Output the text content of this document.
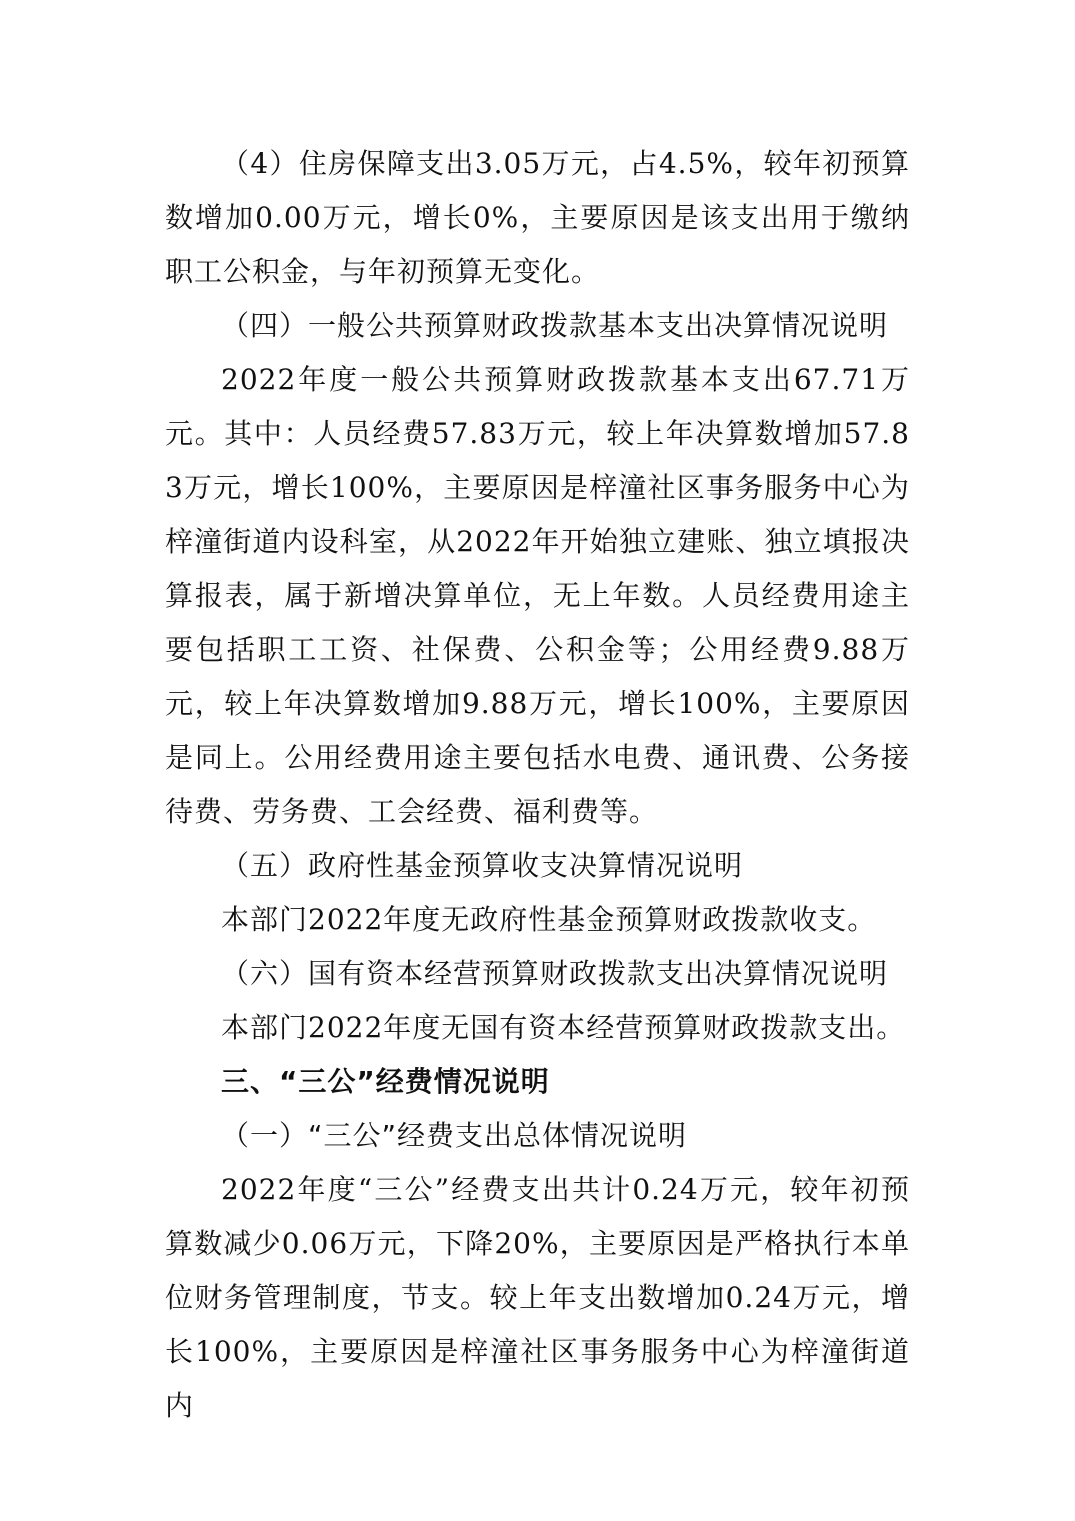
（4）住房保障支出3.05万元，占4.5%，较年初预算数增加0.00万元，增长0%，主要原因是该支出用于缴纳职工公积金，与年初预算无变化。

（四）一般公共预算财政拨款基本支出决算情况说明

2022年度一般公共预算财政拨款基本支出67.71万元。其中：人员经费57.83万元，较上年决算数增加57.83万元，增长100%，主要原因是梓潼社区事务服务中心为梓潼街道内设科室，从2022年开始独立建账、独立填报决算报表，属于新增决算单位，无上年数。人员经费用途主要包括职工工资、社保费、公积金等；公用经费9.88万元，较上年决算数增加9.88万元，增长100%，主要原因是同上。公用经费用途主要包括水电费、通讯费、公务接待费、劳务费、工会经费、福利费等。

（五）政府性基金预算收支决算情况说明

本部门2022年度无政府性基金预算财政拨款收支。

（六）国有资本经营预算财政拨款支出决算情况说明

本部门2022年度无国有资本经营预算财政拨款支出。

三、“三公”经费情况说明

（一）“三公”经费支出总体情况说明

2022年度“三公”经费支出共计0.24万元，较年初预算数减少0.06万元，下降20%，主要原因是严格执行本单位财务管理制度，节支。较上年支出数增加0.24万元，增长100%，主要原因是梓潼社区事务服务中心为梓潼街道内
